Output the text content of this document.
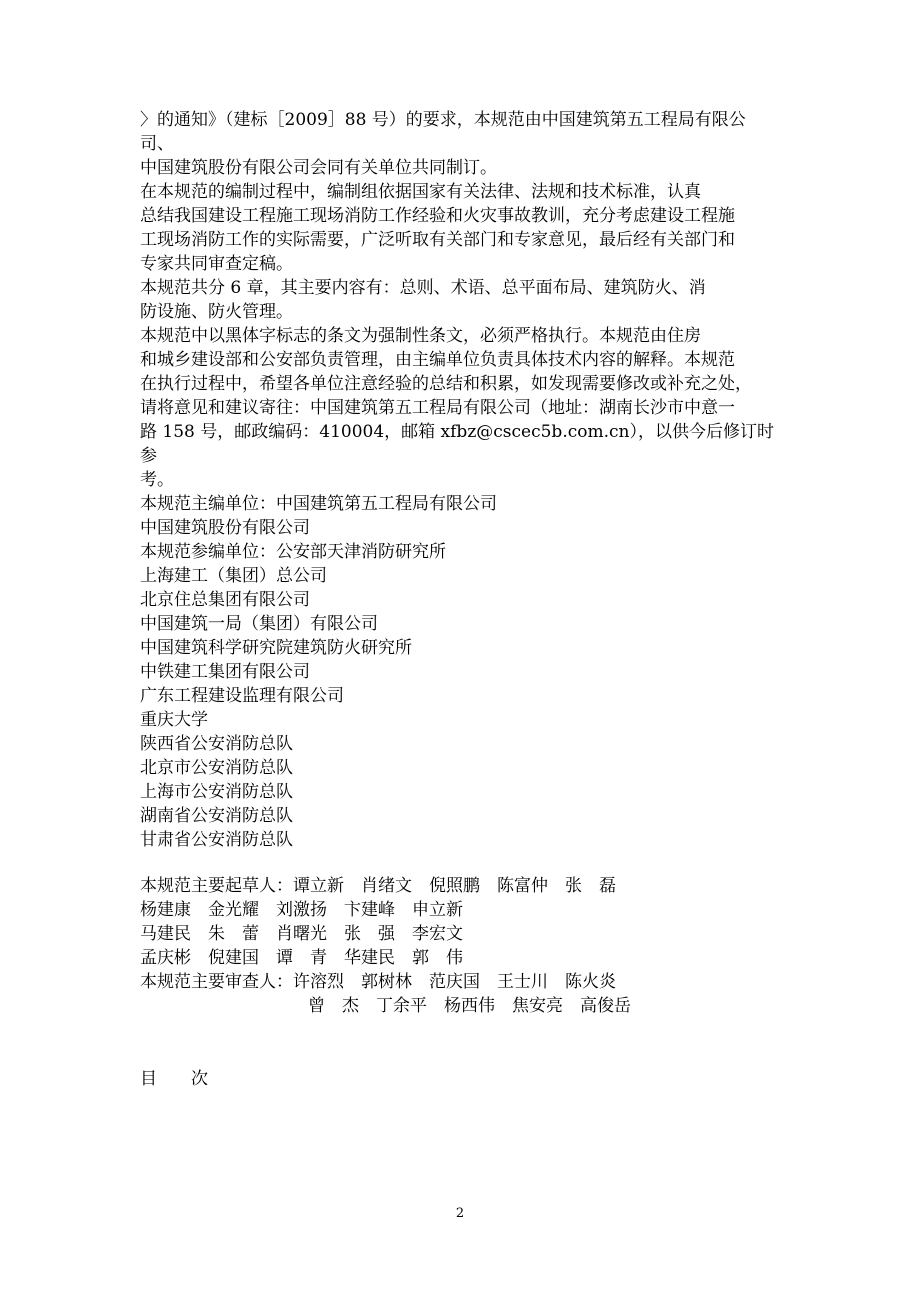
〉的通知》（建标［2009］88 号）的要求，本规范由中国建筑第五工程局有限公
司、
中国建筑股份有限公司会同有关单位共同制订。
在本规范的编制过程中，编制组依据国家有关法律、法规和技术标准，认真
总结我国建设工程施工现场消防工作经验和火灾事故教训，充分考虑建设工程施
工现场消防工作的实际需要，广泛听取有关部门和专家意见，最后经有关部门和
专家共同审查定稿。
本规范共分 6 章，其主要内容有：总则、术语、总平面布局、建筑防火、消
防设施、防火管理。
本规范中以黑体字标志的条文为强制性条文，必须严格执行。本规范由住房
和城乡建设部和公安部负责管理，由主编单位负责具体技术内容的解释。本规范
在执行过程中，希望各单位注意经验的总结和积累，如发现需要修改或补充之处，
请将意见和建议寄往：中国建筑第五工程局有限公司（地址：湖南长沙市中意一
路 158 号，邮政编码：410004，邮箱 xfbz@cscec5b.com.cn），以供今后修订时
参
考。
本规范主编单位：中国建筑第五工程局有限公司
中国建筑股份有限公司
本规范参编单位：公安部天津消防研究所
上海建工（集团）总公司
北京住总集团有限公司
中国建筑一局（集团）有限公司
中国建筑科学研究院建筑防火研究所
中铁建工集团有限公司
广东工程建设监理有限公司
重庆大学
陕西省公安消防总队
北京市公安消防总队
上海市公安消防总队
湖南省公安消防总队
甘肃省公安消防总队
本规范主要起草人：谭立新　肖绪文　倪照鹏　陈富仲　张　磊
杨建康　金光耀　刘激扬　卞建峰　申立新
马建民　朱　蕾　肖曙光　张　强　李宏文
孟庆彬　倪建国　谭　青　华建民　郭　伟
本规范主要审查人：许溶烈　郭树林　范庆国　王士川　陈火炎
曾　杰　丁余平　杨西伟　焦安亮　高俊岳
目　　次
2
